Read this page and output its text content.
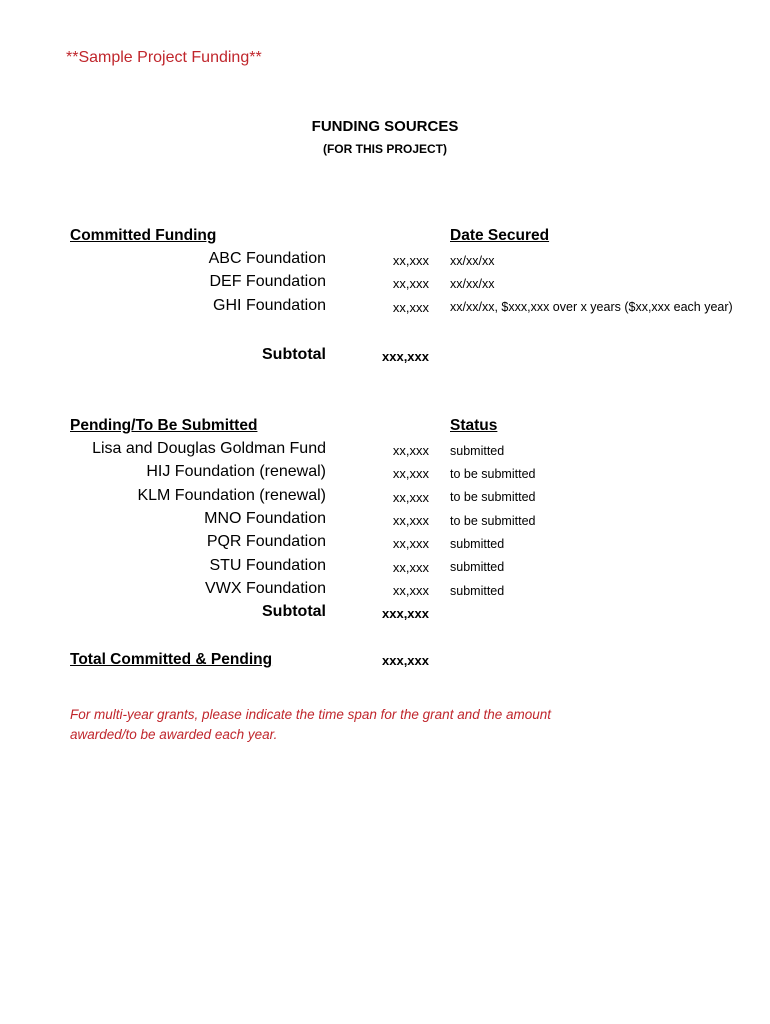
**Sample Project Funding**
FUNDING SOURCES
(FOR THIS PROJECT)
Committed Funding	Date Secured
ABC Foundation	xx,xxx xx/xx/xx
DEF Foundation	xx,xxx xx/xx/xx
GHI Foundation	xx,xxx xx/xx/xx, $xxx,xxx over x years ($xx,xxx each year)
Subtotal	xxx,xxx
Pending/To Be Submitted	Status
Lisa and Douglas Goldman Fund	xx,xxx submitted
HIJ Foundation (renewal)	xx,xxx to be submitted
KLM Foundation (renewal)	xx,xxx to be submitted
MNO Foundation	xx,xxx to be submitted
PQR Foundation	xx,xxx submitted
STU Foundation	xx,xxx submitted
VWX Foundation	xx,xxx submitted
Subtotal	xxx,xxx
Total Committed & Pending	xxx,xxx
For multi-year grants, please indicate the time span for the grant and the amount awarded/to be awarded each year.
